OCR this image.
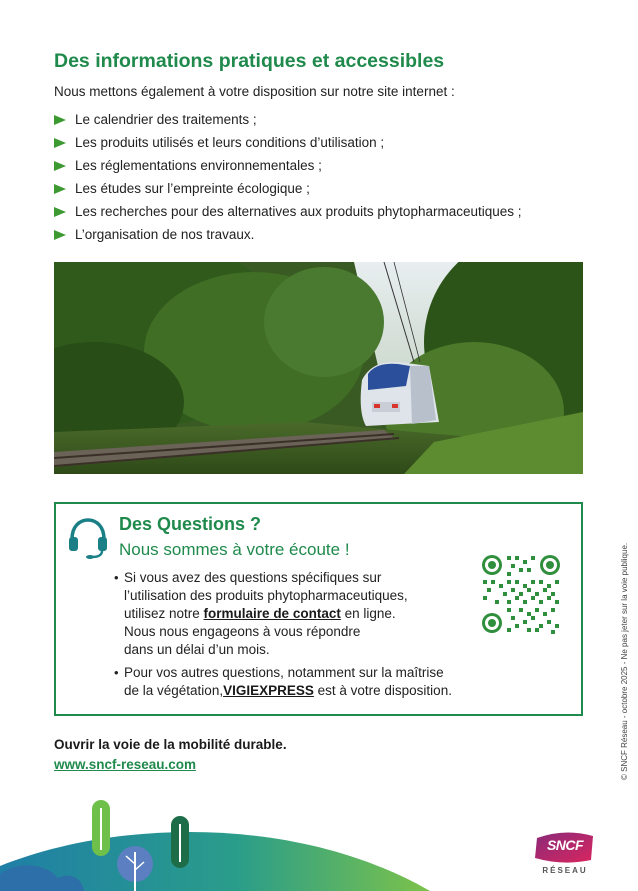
Des informations pratiques et accessibles

Nous mettons également à votre disposition sur notre site internet :

Le calendrier des traitements ;
Les produits utilisés et leurs conditions d’utilisation ;
Les réglementations environnementales ;
Les études sur l’empreinte écologique ;
Les recherches pour des alternatives aux produits phytopharmaceutiques ;
L’organisation de nos travaux.
Des Questions ?
Nous sommes à votre écoute !
• Si vous avez des questions spécifiques sur
l’utilisation des produits phytopharmaceutiques,
utilisez notre formulaire de contact en ligne.
Nous nous engageons à vous répondre
dans un délai d’un mois.
• Pour vos autres questions, notamment sur la maîtrise
de la végétation,VIGIEXPRESS est à votre disposition.
Ouvrir la voie de la mobilité durable.
www.sncf-reseau.com	© SNCF Réseau - octobre 2025 - Ne pas jeter sur la voie publique.
SNCF
RÉSEAU
